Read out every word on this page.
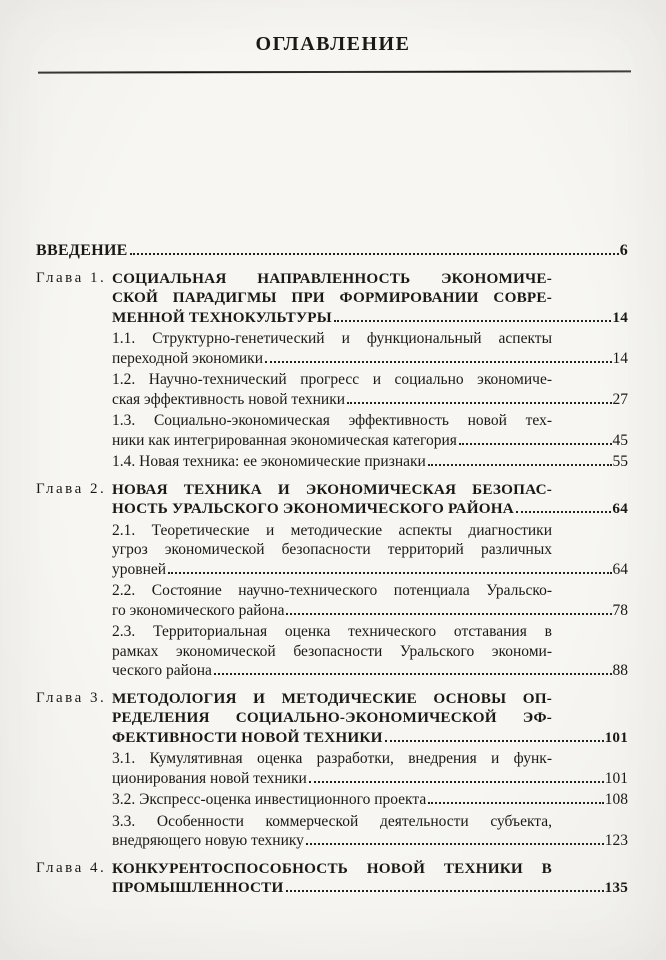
ОГЛАВЛЕНИЕ
ВВЕДЕНИЕ	6
Глава 1. СОЦИАЛЬНАЯ НАПРАВЛЕННОСТЬ ЭКОНОМИЧЕ-
СКОЙ ПАРАДИГМЫ ПРИ ФОРМИРОВАНИИ СОВРЕ-
МЕННОЙ ТЕХНОКУЛЬТУРЫ	14
1.1. Структурно-генетический и функциональный аспекты
переходной экономики	14
1.2. Научно-технический прогресс и социально экономиче-
ская эффективность новой техники	27
1.3. Социально-экономическая эффективность новой тех-
ники как интегрированная экономическая категория	45
1.4. Новая техника: ее экономические признаки	55
Глава 2. НОВАЯ ТЕХНИКА И ЭКОНОМИЧЕСКАЯ БЕЗОПАС-
НОСТЬ УРАЛЬСКОГО ЭКОНОМИЧЕСКОГО РАЙОНА	64
2.1. Теоретические и методические аспекты диагностики
угроз экономической безопасности территорий различных
уровней	64
2.2. Состояние научно-технического потенциала Уральско-
го экономического района	78
2.3. Территориальная оценка технического отставания в
рамках экономической безопасности Уральского экономи-
ческого района	88
Глава 3. МЕТОДОЛОГИЯ И МЕТОДИЧЕСКИЕ ОСНОВЫ ОП-
РЕДЕЛЕНИЯ СОЦИАЛЬНО-ЭКОНОМИЧЕСКОЙ ЭФ-
ФЕКТИВНОСТИ НОВОЙ ТЕХНИКИ	101
3.1. Кумулятивная оценка разработки, внедрения и функ-
ционирования новой техники	101
3.2. Экспресс-оценка инвестиционного проекта	108
3.3. Особенности коммерческой деятельности субъекта,
внедряющего новую технику	123
Глава 4. КОНКУРЕНТОСПОСОБНОСТЬ НОВОЙ ТЕХНИКИ В
ПРОМЫШЛЕННОСТИ	135
